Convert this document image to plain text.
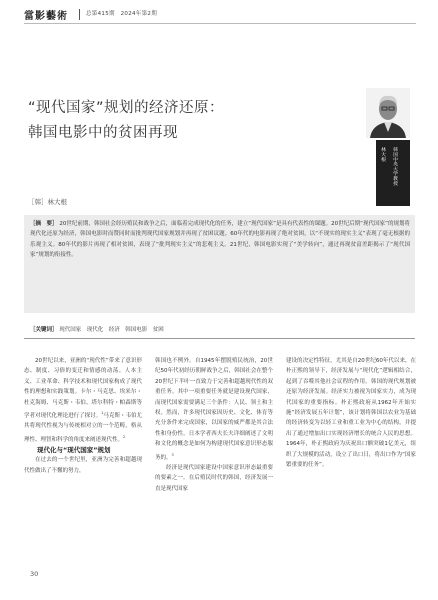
當影藝術	总第415期　2024年第2期
“现代国家”规划的经济还原：
韩国电影中的贫困再现
林大根 韩国中央大学教授
［韩］林大根
［摘　要］ 20世纪前期，韩国社会经历殖民和战争之后，面临着完成现代化的任务，建立“现代国家”是具有代表性的课题。20世纪后期“现代国家”的规划将现代化还原为经济，韩国电影时而赞同时而批判现代国家规划并再现了贫困议题。60年代的电影再现了绝对贫困，以“不现实的现实主义”表现了毫无根据的乐观主义。80年代的影片再现了相对贫困，表现了“批判现实主义”的悲观主义。21世纪，韩国电影实现了“美学转向”，通过再现贫富差距揭示了“现代国家”规划的衔接性。
［关键词］ 现代国家　现代化　经济　韩国电影　贫困

20世纪以来，亚洲的“现代性”带来了意识形态、制度、习俗的变迁和情感的动荡。人本主义、工业革命、科学技术和现代国家构成了现代性的理想和实践策划。卡尔・马克思、埃米尔・杜克海姆、马克斯・韦伯、塔尔科特・帕森斯等学者对现代化理论进行了探讨。$^1$马克斯・韦伯尤其将现代性视为与传统相对立的一个范畴，格从理性、理智和科学的角度来阐述现代性。$^2$

现代化与“现代国家”规划

在过去的一个世纪里，亚洲为完善和超越现代性做出了不懈的努力，

韩国也不例外。自1945年摆脱殖民统治，20世纪50年代初经历朝鲜战争之后，韩国社会在整个20世纪下半叶一直致力于完善和超越现代性的双重任务。其中一项重要任务就是建设现代国家，而现代国家需要满足三个条件：人民、领土和主权。然而，许多现代国家因历史、文化、体育等充分条件来完成国家，以国家的威严都是其合法性和身份性。日本学者西夫长夫详细阐述了文明和文化的概念是如何为构建现代国家意识形态服务的。$^3$

经济是现代国家建设中国家意识形态最重要的要素之一。在后殖民时代的韩国，经济发展一直是现代国家

建设的决定性特征，尤其是自20世纪60年代以来，在朴正熙的领导下，经济发展与“现代化”逻辑相结合，起到了吞噬其他社会议程的作用。韩国的现代规划被还原为经济发展。经济实力被视为国家实力，成为现代国家的重要指标。朴正熙政府从1962年开始实施“经济发展五年计划”，该计划将韩国以农业为基础的经济转变为以轻工业和重工业为中心的结构，并提出了通过增加出口实现经济增长的统合人民的思想。1964年，朴正熙政府为庆祝出口额突破1亿美元，组织了大规模的活动，设立了出口日，将出口作为“国家繁重要的任务”。

30
